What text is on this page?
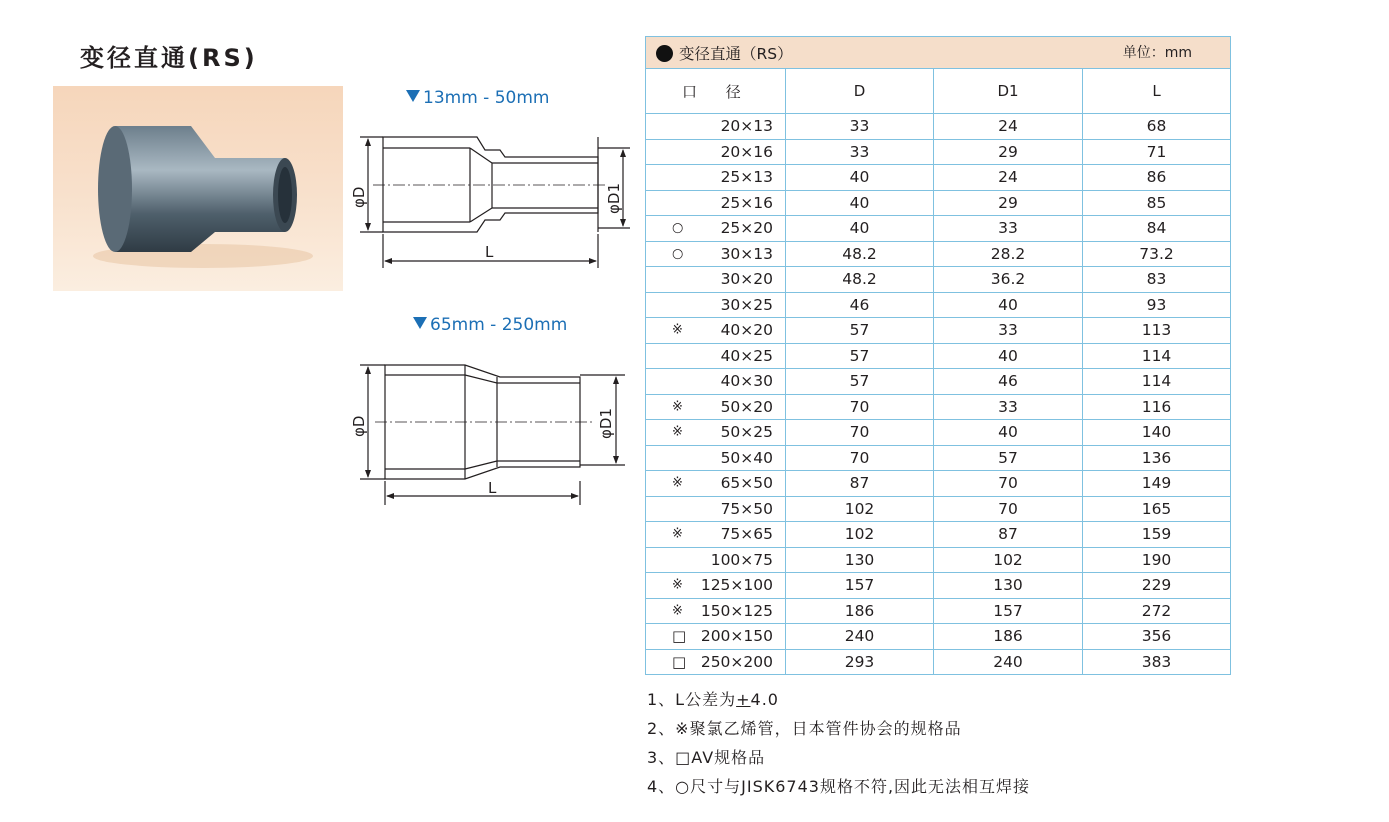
变径直通(RS)
13mm - 50mm
65mm - 250mm
φD	φD1
L
φD	φD1
L
变径直通（RS） 单位：mm			

口 径	D	D1	L

20×13	33	24	68

20×16	33	29	71

25×13	40	24	86

25×16	40	29	85

○ 25×20	40	33	84

○ 30×13	48.2	28.2	73.2

30×20	48.2	36.2	83

30×25	46	40	93

※ 40×20	57	33	113

40×25	57	40	114

40×30	57	46	114

※ 50×20	70	33	116

※ 50×25	70	40	140

50×40	70	57	136

※ 65×50	87	70	149

75×50	102	70	165

※ 75×65	102	87	159

100×75	130	102	190

※ 125×100	157	130	229

※ 150×125	186	157	272

□ 200×150	240	186	356

□ 250×200	293	240	383
1、L公差为+4.0
2、※聚氯乙烯管，日本管件协会的规格品
3、□AV规格品
4、○尺寸与JISK6743规格不符,因此无法相互焊接
